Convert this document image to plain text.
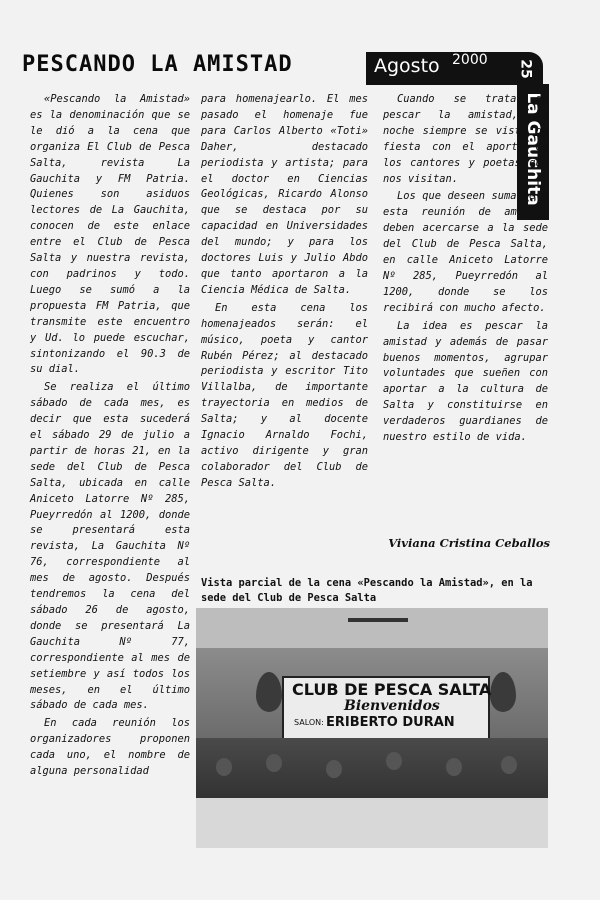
PESCANDO LA AMISTAD	Agosto 2000 25
La Gauchita

«Pescando la Amistad» es la denominación que se le dió a la cena que organiza El Club de Pesca Salta, revista La Gauchita y FM Patria. Quienes son asiduos lectores de La Gauchita, conocen de este enlace entre el Club de Pesca Salta y nuestra revista, con padrinos y todo. Luego se sumó a la propuesta FM Patria, que transmite este encuentro y Ud. lo puede escuchar, sintonizando el 90.3 de su dial.

Se realiza el último sábado de cada mes, es decir que esta sucederá el sábado 29 de julio a partir de horas 21, en la sede del Club de Pesca Salta, ubicada en calle Aniceto Latorre Nº 285, Pueyrredón al 1200, donde se presentará esta revista, La Gauchita Nº 76, correspondiente al mes de agosto. Después tendremos la cena del sábado 26 de agosto, donde se presentará La Gauchita Nº 77, correspondiente al mes de setiembre y así todos los meses, en el último sábado de cada mes.

En cada reunión los organizadores proponen cada uno, el nombre de alguna personalidad

para homenajearlo. El mes pasado el homenaje fue para Carlos Alberto «Toti» Daher, destacado periodista y artista; para el doctor en Ciencias Geológicas, Ricardo Alonso que se destaca por su capacidad en Universidades del mundo; y para los doctores Luis y Julio Abdo que tanto aportaron a la Ciencia Médica de Salta.

En esta cena los homenajeados serán: el músico, poeta y cantor Rubén Pérez; al destacado periodista y escritor Tito Villalba, de importante trayectoria en medios de Salta; y al docente Ignacio Arnaldo Fochi, activo dirigente y gran colaborador del Club de Pesca Salta.

Cuando se trata de pescar la amistad, la noche siempre se viste de fiesta con el aporte de los cantores y poetas que nos visitan.

Los que deseen sumarse a esta reunión de amigos, deben acercarse a la sede del Club de Pesca Salta, en calle Aniceto Latorre Nº 285, Pueyrredón al 1200, donde se los recibirá con mucho afecto.

La idea es pescar la amistad y además de pasar buenos momentos, agrupar voluntades que sueñen con aportar a la cultura de Salta y constituirse en verdaderos guardianes de nuestro estilo de vida.

Viviana Cristina Ceballos
Vista parcial de la cena «Pescando la Amistad», en la sede del Club de Pesca Salta
CLUB DE PESCA SALTA
Bienvenidos
SALON: ERIBERTO DURAN
